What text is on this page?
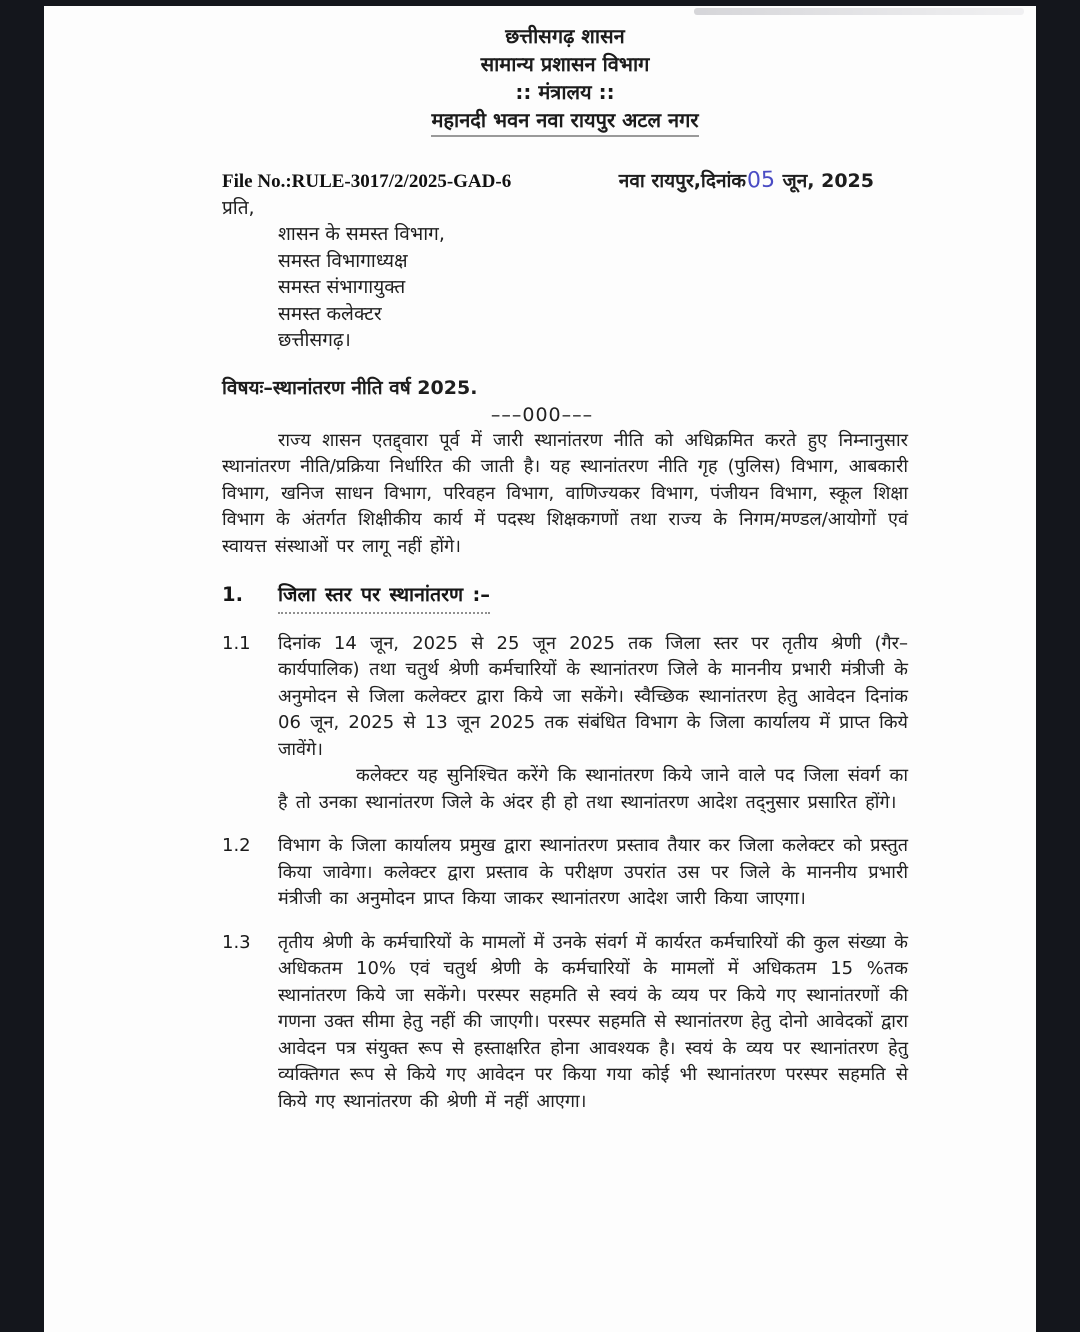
छत्तीसगढ़ शासन
सामान्य प्रशासन विभाग
:: मंत्रालय ::
महानदी भवन नवा रायपुर अटल नगर
File No.:RULE-3017/2/2025-GAD-6	नवा रायपुर,दिनांक05 जून, 2025
प्रति,
शासन के समस्त विभाग,
समस्त विभागाध्यक्ष
समस्त संभागायुक्त
समस्त कलेक्टर
छत्तीसगढ़।
विषयः–स्थानांतरण नीति वर्ष 2025.
–––000–––

राज्य शासन एतद्द्वारा पूर्व में जारी स्थानांतरण नीति को अधिक्रमित करते हुए निम्नानुसार स्थानांतरण नीति/प्रक्रिया निर्धारित की जाती है। यह स्थानांतरण नीति गृह (पुलिस) विभाग, आबकारी विभाग, खनिज साधन विभाग, परिवहन विभाग, वाणिज्यकर विभाग, पंजीयन विभाग, स्कूल शिक्षा विभाग के अंतर्गत शिक्षीकीय कार्य में पदस्थ शिक्षकगणों तथा राज्य के निगम/मण्डल/आयोगों एवं स्वायत्त संस्थाओं पर लागू नहीं होंगे।

1. जिला स्तर पर स्थानांतरण :–
1.1 दिनांक 14 जून, 2025 से 25 जून 2025 तक जिला स्तर पर तृतीय श्रेणी (गैर–कार्यपालिक) तथा चतुर्थ श्रेणी कर्मचारियों के स्थानांतरण जिले के माननीय प्रभारी मंत्रीजी के अनुमोदन से जिला कलेक्टर द्वारा किये जा सकेंगे। स्वैच्छिक स्थानांतरण हेतु आवेदन दिनांक 06 जून, 2025 से 13 जून 2025 तक संबंधित विभाग के जिला कार्यालय में प्राप्त किये जावेंगे।

कलेक्टर यह सुनिश्चित करेंगे कि स्थानांतरण किये जाने वाले पद जिला संवर्ग का है तो उनका स्थानांतरण जिले के अंदर ही हो तथा स्थानांतरण आदेश तद्नुसार प्रसारित होंगे।

1.2 विभाग के जिला कार्यालय प्रमुख द्वारा स्थानांतरण प्रस्ताव तैयार कर जिला कलेक्टर को प्रस्तुत किया जावेगा। कलेक्टर द्वारा प्रस्ताव के परीक्षण उपरांत उस पर जिले के माननीय प्रभारी मंत्रीजी का अनुमोदन प्राप्त किया जाकर स्थानांतरण आदेश जारी किया जाएगा।

1.3 तृतीय श्रेणी के कर्मचारियों के मामलों में उनके संवर्ग में कार्यरत कर्मचारियों की कुल संख्या के अधिकतम 10% एवं चतुर्थ श्रेणी के कर्मचारियों के मामलों में अधिकतम 15 %तक स्थानांतरण किये जा सकेंगे। परस्पर सहमति से स्वयं के व्यय पर किये गए स्थानांतरणों की गणना उक्त सीमा हेतु नहीं की जाएगी। परस्पर सहमति से स्थानांतरण हेतु दोनो आवेदकों द्वारा आवेदन पत्र संयुक्त रूप से हस्ताक्षरित होना आवश्यक है। स्वयं के व्यय पर स्थानांतरण हेतु व्यक्तिगत रूप से किये गए आवेदन पर किया गया कोई भी स्थानांतरण परस्पर सहमति से किये गए स्थानांतरण की श्रेणी में नहीं आएगा।
